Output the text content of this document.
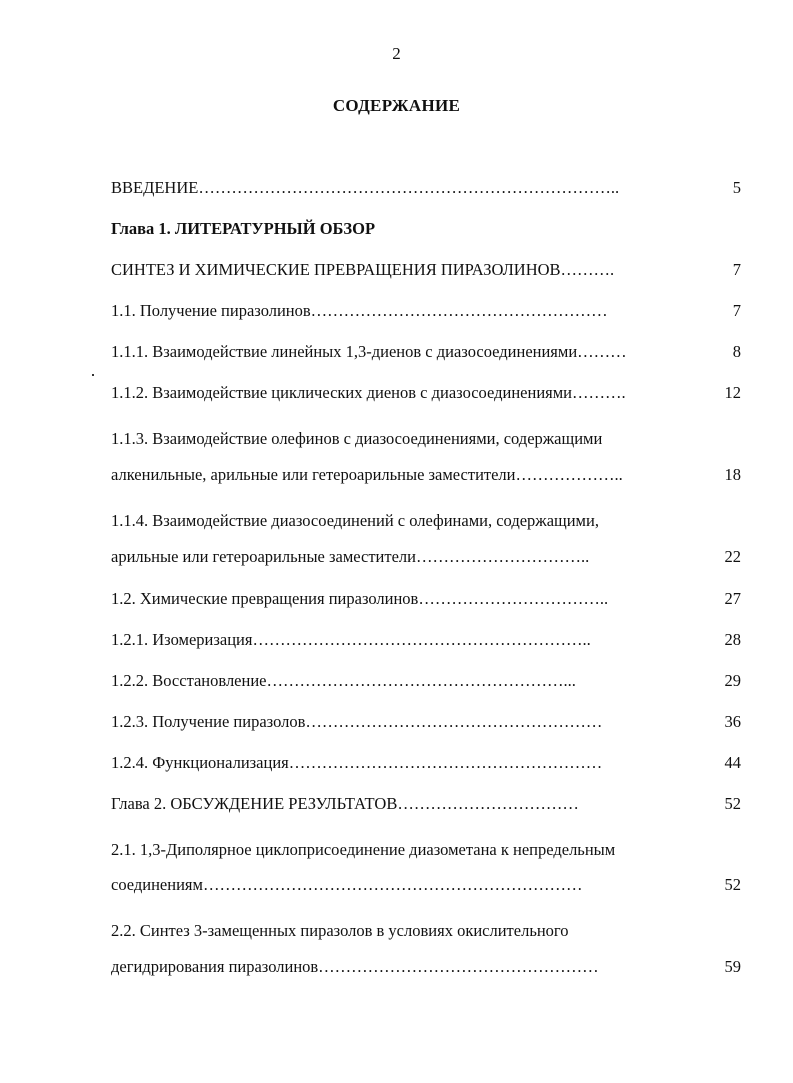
2
СОДЕРЖАНИЕ
ВВЕДЕНИЕ…………………………………………………………………..	5
Глава 1. ЛИТЕРАТУРНЫЙ ОБЗОР
СИНТЕЗ И ХИМИЧЕСКИЕ ПРЕВРАЩЕНИЯ ПИРАЗОЛИНОВ……….	7
1.1. Получение пиразолинов………………………………………………	7
1.1.1. Взаимодействие линейных 1,3-диенов с диазосоединениями………	8
1.1.2. Взаимодействие циклических диенов с диазосоединениями……….	12
1.1.3. Взаимодействие олефинов с диазосоединениями, содержащими
алкенильные, арильные или гетероарильные заместители………………..	18
1.1.4. Взаимодействие диазосоединений с олефинами, содержащими,
арильные или гетероарильные заместители…………………………..	22
1.2. Химические превращения пиразолинов……………………………..	27
1.2.1. Изомеризация……………………………………………………..	28
1.2.2. Восстановление………………………………………………...	29
1.2.3. Получение пиразолов………………………………………………	36
1.2.4. Функционализация…………………………………………………	44
Глава 2. ОБСУЖДЕНИЕ РЕЗУЛЬТАТОВ……………………………	52
2.1. 1,3-Диполярное циклоприсоединение диазометана к непредельным
соединениям……………………………………………………………	52
2.2. Синтез 3-замещенных пиразолов в условиях окислительного
дегидрирования пиразолинов……………………………………………	59
